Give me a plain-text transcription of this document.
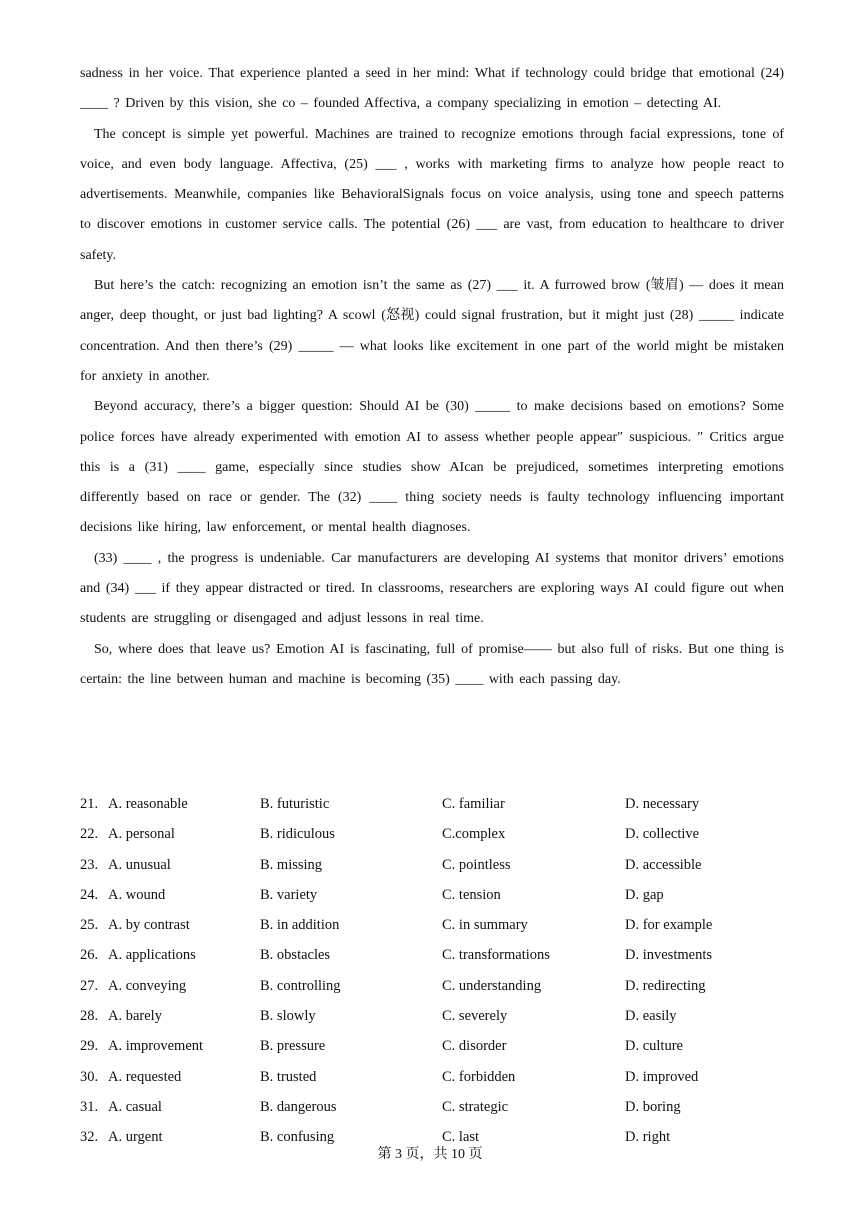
sadness in her voice. That experience planted a seed in her mind: What if technology could bridge that emotional (24) ____ ? Driven by this vision, she co – founded Affectiva, a company specializing in emotion – detecting AI.

The concept is simple yet powerful. Machines are trained to recognize emotions through facial expressions, tone of voice, and even body language. Affectiva, (25) ___ , works with marketing firms to analyze how people react to advertisements. Meanwhile, companies like BehavioralSignals focus on voice analysis, using tone and speech patterns to discover emotions in customer service calls. The potential (26) ___ are vast, from education to healthcare to driver safety.

But here’s the catch: recognizing an emotion isn’t the same as (27) ___ it. A furrowed brow (皱眉) — does it mean anger, deep thought, or just bad lighting? A scowl (怒视) could signal frustration, but it might just (28) _____ indicate concentration. And then there’s (29) _____ — what looks like excitement in one part of the world might be mistaken for anxiety in another.

Beyond accuracy, there’s a bigger question: Should AI be (30) _____ to make decisions based on emotions? Some police forces have already experimented with emotion AI to assess whether people appear″ suspicious. ″ Critics argue this is a (31) ____ game, especially since studies show AIcan be prejudiced, sometimes interpreting emotions differently based on race or gender. The (32) ____ thing society needs is faulty technology influencing important decisions like hiring, law enforcement, or mental health diagnoses.

(33) ____ , the progress is undeniable. Car manufacturers are developing AI systems that monitor drivers’ emotions and (34) ___ if they appear distracted or tired. In classrooms, researchers are exploring ways AI could figure out when students are struggling or disengaged and adjust lessons in real time.

So, where does that leave us? Emotion AI is fascinating, full of promise—— but also full of risks. But one thing is certain: the line between human and machine is becoming (35) ____ with each passing day.

21. A. reasonable	B. futuristic	C. familiar	D. necessary
22. A. personal	B. ridiculous	C.complex	D. collective
23. A. unusual	B. missing	C. pointless	D. accessible
24. A. wound	B. variety	C. tension	D. gap
25. A. by contrast	B. in addition	C. in summary	D. for example
26. A. applications	B. obstacles	C. transformations	D. investments
27. A. conveying	B. controlling	C. understanding	D. redirecting
28. A. barely	B. slowly	C. severely	D. easily
29. A. improvement	B. pressure	C. disorder	D. culture
30. A. requested	B. trusted	C. forbidden	D. improved
31. A. casual	B. dangerous	C. strategic	D. boring
32. A. urgent	B. confusing	C. last	D. right
第 3 页，共 10 页
